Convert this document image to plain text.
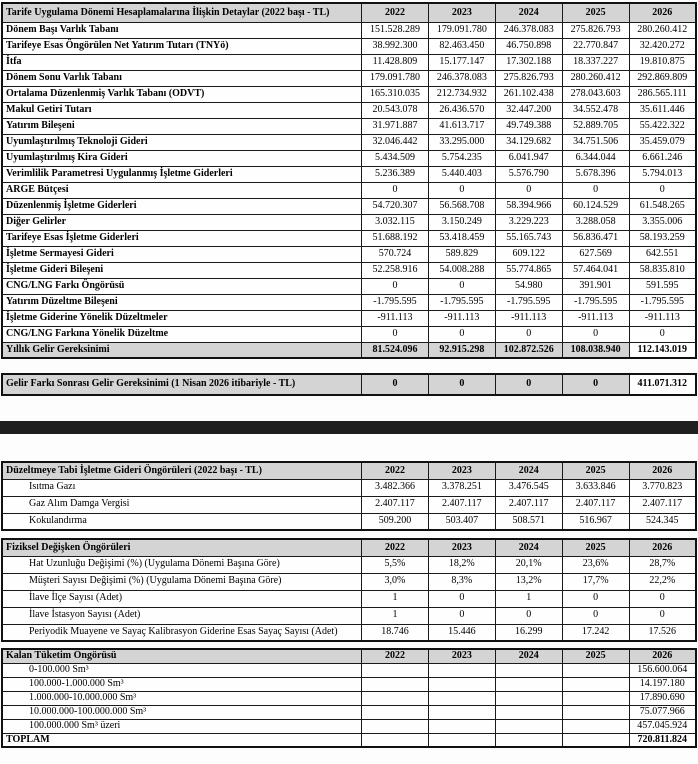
Tarife Uygulama Dönemi Hesaplamalarına İlişkin Detaylar (2022 başı - TL)	2022	2023	2024	2025	2026
Dönem Başı Varlık Tabanı	151.528.289	179.091.780	246.378.083	275.826.793	280.260.412
Tarifeye Esas Öngörülen Net Yatırım Tutarı (TNYö)	38.992.300	82.463.450	46.750.898	22.770.847	32.420.272
İtfa	11.428.809	15.177.147	17.302.188	18.337.227	19.810.875
Dönem Sonu Varlık Tabanı	179.091.780	246.378.083	275.826.793	280.260.412	292.869.809
Ortalama Düzenlenmiş Varlık Tabanı (ODVT)	165.310.035	212.734.932	261.102.438	278.043.603	286.565.111
Makul Getiri Tutarı	20.543.078	26.436.570	32.447.200	34.552.478	35.611.446
Yatırım Bileşeni	31.971.887	41.613.717	49.749.388	52.889.705	55.422.322
Uyumlaştırılmış Teknoloji Gideri	32.046.442	33.295.000	34.129.682	34.751.506	35.459.079
Uyumlaştırılmış Kira Gideri	5.434.509	5.754.235	6.041.947	6.344.044	6.661.246
Verimlilik Parametresi Uygulanmış İşletme Giderleri	5.236.389	5.440.403	5.576.790	5.678.396	5.794.013
ARGE Bütçesi	0	0	0	0	0
Düzenlenmiş İşletme Giderleri	54.720.307	56.568.708	58.394.966	60.124.529	61.548.265
Diğer Gelirler	3.032.115	3.150.249	3.229.223	3.288.058	3.355.006
Tarifeye Esas İşletme Giderleri	51.688.192	53.418.459	55.165.743	56.836.471	58.193.259
İşletme Sermayesi Gideri	570.724	589.829	609.122	627.569	642.551
İşletme Gideri Bileşeni	52.258.916	54.008.288	55.774.865	57.464.041	58.835.810
CNG/LNG Farkı Öngörüsü	0	0	54.980	391.901	591.595
Yatırım Düzeltme Bileşeni	-1.795.595	-1.795.595	-1.795.595	-1.795.595	-1.795.595
İşletme Giderine Yönelik Düzeltmeler	-911.113	-911.113	-911.113	-911.113	-911.113
CNG/LNG Farkına Yönelik Düzeltme	0	0	0	0	0
Yıllık Gelir Gereksinimi	81.524.096	92.915.298	102.872.526	108.038.940	112.143.019
Gelir Farkı Sonrası Gelir Gereksinimi (1 Nisan 2026 itibariyle - TL)	0	0	0	0	411.071.312
Düzeltmeye Tabi İşletme Gideri Öngörüleri (2022 başı - TL)	2022	2023	2024	2025	2026
Isıtma Gazı	3.482.366	3.378.251	3.476.545	3.633.846	3.770.823
Gaz Alım Damga Vergisi	2.407.117	2.407.117	2.407.117	2.407.117	2.407.117
Kokulandırma	509.200	503.407	508.571	516.967	524.345
Fiziksel Değişken Öngörüleri	2022	2023	2024	2025	2026
Hat Uzunluğu Değişimi (%) (Uygulama Dönemi Başına Göre)	5,5%	18,2%	20,1%	23,6%	28,7%
Müşteri Sayısı Değişimi (%) (Uygulama Dönemi Başına Göre)	3,0%	8,3%	13,2%	17,7%	22,2%
İlave İlçe Sayısı (Adet)	1	0	1	0	0
İlave İstasyon Sayısı (Adet)	1	0	0	0	0
Periyodik Muayene ve Sayaç Kalibrasyon Giderine Esas Sayaç Sayısı (Adet)	18.746	15.446	16.299	17.242	17.526
Kalan Tüketim Öngörüsü	2022	2023	2024	2025	2026
0-100.000 Sm³					156.600.064
100.000-1.000.000 Sm³					14.197.180
1.000.000-10.000.000 Sm³					17.890.690
10.000.000-100.000.000 Sm³					75.077.966
100.000.000 Sm³ üzeri					457.045.924
TOPLAM					720.811.824
